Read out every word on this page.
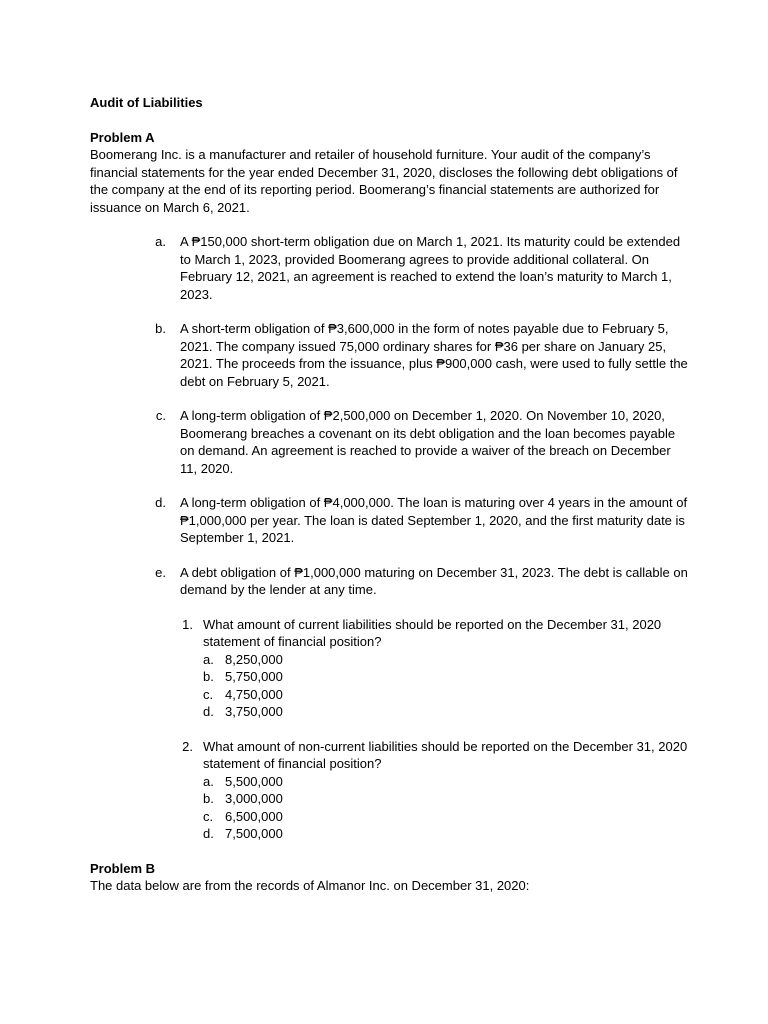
Audit of Liabilities

Problem A

Boomerang Inc. is a manufacturer and retailer of household furniture. Your audit of the company’s financial statements for the year ended December 31, 2020, discloses the following debt obligations of the company at the end of its reporting period. Boomerang’s financial statements are authorized for issuance on March 6, 2021.

a.	A ₱150,000 short-term obligation due on March 1, 2021. Its maturity could be extended to March 1, 2023, provided Boomerang agrees to provide additional collateral. On February 12, 2021, an agreement is reached to extend the loan’s maturity to March 1, 2023.
b.	A short-term obligation of ₱3,600,000 in the form of notes payable due to February 5, 2021. The company issued 75,000 ordinary shares for ₱36 per share on January 25, 2021. The proceeds from the issuance, plus ₱900,000 cash, were used to fully settle the debt on February 5, 2021.
c.	A long-term obligation of ₱2,500,000 on December 1, 2020. On November 10, 2020, Boomerang breaches a covenant on its debt obligation and the loan becomes payable on demand. An agreement is reached to provide a waiver of the breach on December 11, 2020.
d.	A long-term obligation of ₱4,000,000. The loan is maturing over 4 years in the amount of ₱1,000,000 per year. The loan is dated September 1, 2020, and the first maturity date is September 1, 2021.
e.	A debt obligation of ₱1,000,000 maturing on December 31, 2023. The debt is callable on demand by the lender at any time.
1. What amount of current liabilities should be reported on the December 31, 2020 statement of financial position?
a. 8,250,000
b. 5,750,000
c. 4,750,000
d. 3,750,000
2. What amount of non-current liabilities should be reported on the December 31, 2020 statement of financial position?
a. 5,500,000
b. 3,000,000
c. 6,500,000
d. 7,500,000

Problem B

The data below are from the records of Almanor Inc. on December 31, 2020:
